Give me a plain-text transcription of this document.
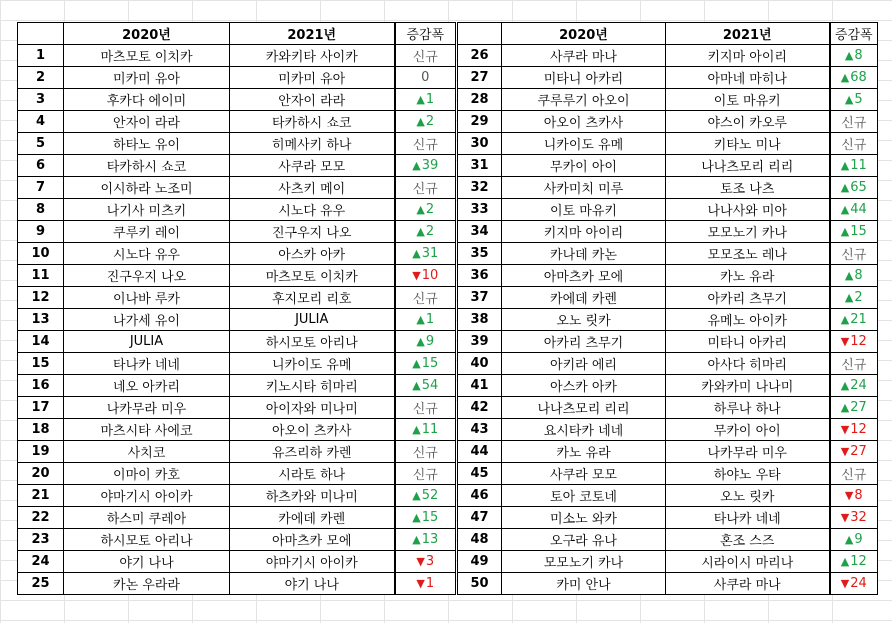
	2020년	2021년	증감폭
1	마츠모토 이치카	카와키타 사이카	신규
2	미카미 유아	미카미 유아	0
3	후카다 에이미	안자이 라라	▲1
4	안자이 라라	타카하시 쇼코	▲2
5	하타노 유이	히메사키 하나	신규
6	타카하시 쇼코	사쿠라 모모	▲39
7	이시하라 노조미	사츠키 메이	신규
8	나기사 미츠키	시노다 유우	▲2
9	쿠루키 레이	진구우지 나오	▲2
10	시노다 유우	아스카 아카	▲31
11	진구우지 나오	마츠모토 이치카	▼10
12	이나바 루카	후지모리 리호	신규
13	나가세 유이	JULIA	▲1
14	JULIA	하시모토 아리나	▲9
15	타나카 네네	니카이도 유메	▲15
16	네오 아카리	키노시타 히마리	▲54
17	나카무라 미우	아이자와 미나미	신규
18	마츠시타 사에코	아오이 츠카사	▲11
19	사치코	유즈리하 카렌	신규
20	이마이 카호	시라토 하나	신규
21	야마기시 아이카	하츠카와 미나미	▲52
22	하스미 쿠레아	카에데 카렌	▲15
23	하시모토 아리나	아마츠카 모에	▲13
24	야기 나나	야마기시 아이카	▼3
25	카논 우라라	야기 나나	▼1
	2020년	2021년	증감폭
26	사쿠라 마나	키지마 아이리	▲8
27	미타니 아카리	아마네 마히나	▲68
28	쿠루루기 아오이	이토 마유키	▲5
29	아오이 츠카사	야스이 카오루	신규
30	니카이도 유메	키타노 미나	신규
31	무카이 아이	나나츠모리 리리	▲11
32	사카미치 미루	토조 나츠	▲65
33	이토 마유키	나나사와 미아	▲44
34	키지마 아이리	모모노기 카나	▲15
35	카나데 카논	모모조노 레나	신규
36	아마츠카 모에	카노 유라	▲8
37	카에데 카렌	아카리 츠무기	▲2
38	오노 릿카	유메노 아이카	▲21
39	아카리 츠무기	미타니 아카리	▼12
40	아키라 에리	아사다 히마리	신규
41	아스카 아카	카와카미 나나미	▲24
42	나나츠모리 리리	하루나 하나	▲27
43	요시타카 네네	무카이 아이	▼12
44	카노 유라	나카무라 미우	▼27
45	사쿠라 모모	하야노 우타	신규
46	토아 코토네	오노 릿카	▼8
47	미소노 와카	타나카 네네	▼32
48	오구라 유나	혼조 스즈	▲9
49	모모노기 카나	시라이시 마리나	▲12
50	카미 안나	사쿠라 마나	▼24
